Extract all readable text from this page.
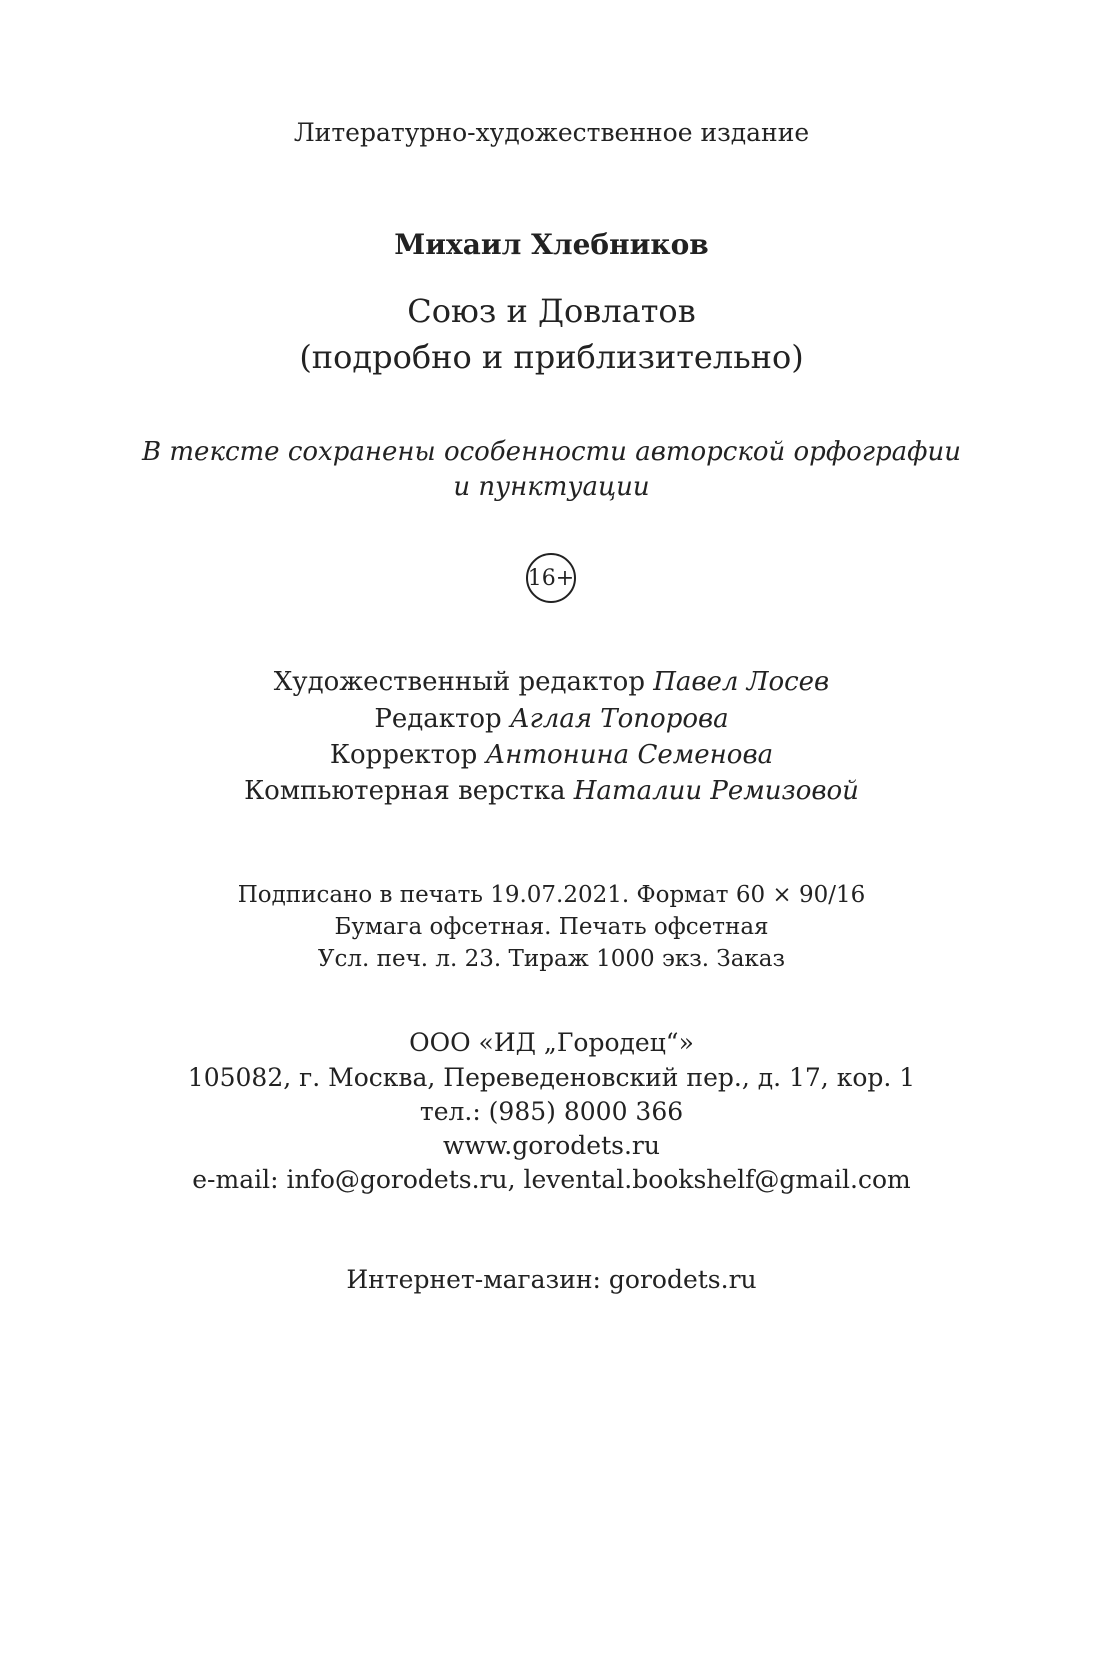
Литературно-художественное издание
Михаил Хлебников
Союз и Довлатов
(подробно и приблизительно)
В тексте сохранены особенности авторской орфографии
и пунктуации
16+
Художественный редактор Павел Лосев
Редактор Аглая Топорова
Корректор Антонина Семенова
Компьютерная верстка Наталии Ремизовой
Подписано в печать 19.07.2021. Формат 60 × 90/16
Бумага офсетная. Печать офсетная
Усл. печ. л. 23. Тираж 1000 экз. Заказ
ООО «ИД „Городец“»
105082, г. Москва, Переведеновский пер., д. 17, кор. 1
тел.: (985) 8000 366
www.gorodets.ru
e-mail: info@gorodets.ru, levental.bookshelf@gmail.com
Интернет-магазин: gorodets.ru
